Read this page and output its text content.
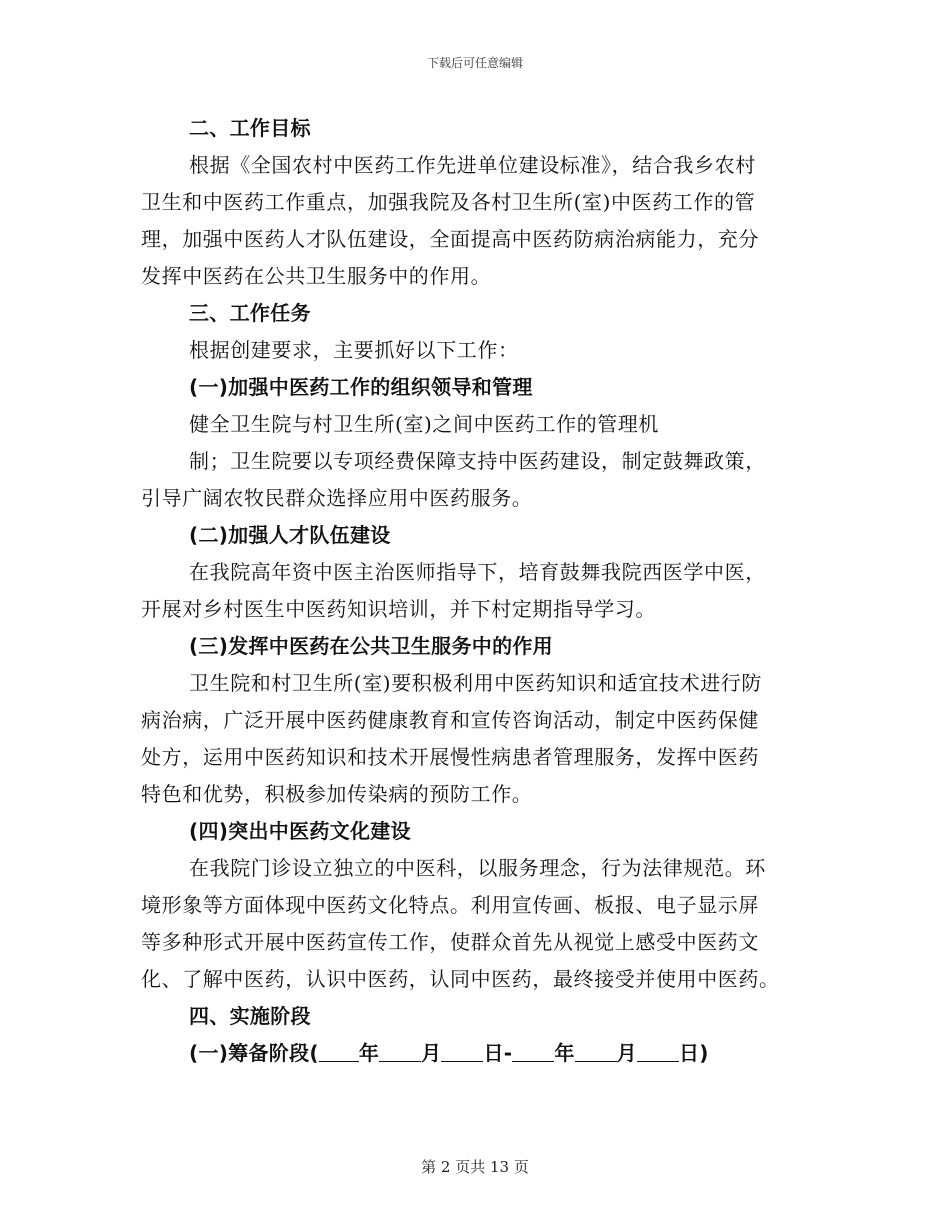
下载后可任意编辑
二、工作目标
根据《全国农村中医药工作先进单位建设标准》，结合我乡农村
卫生和中医药工作重点，加强我院及各村卫生所(室)中医药工作的管
理，加强中医药人才队伍建设，全面提高中医药防病治病能力，充分
发挥中医药在公共卫生服务中的作用。
三、工作任务
根据创建要求，主要抓好以下工作：
(一)加强中医药工作的组织领导和管理
健全卫生院与村卫生所(室)之间中医药工作的管理机
制；卫生院要以专项经费保障支持中医药建设，制定鼓舞政策，
引导广阔农牧民群众选择应用中医药服务。
(二)加强人才队伍建设
在我院高年资中医主治医师指导下，培育鼓舞我院西医学中医，
开展对乡村医生中医药知识培训，并下村定期指导学习。
(三)发挥中医药在公共卫生服务中的作用
卫生院和村卫生所(室)要积极利用中医药知识和适宜技术进行防
病治病，广泛开展中医药健康教育和宣传咨询活动，制定中医药保健
处方，运用中医药知识和技术开展慢性病患者管理服务，发挥中医药
特色和优势，积极参加传染病的预防工作。
(四)突出中医药文化建设
在我院门诊设立独立的中医科，以服务理念，行为法律规范。环
境形象等方面体现中医药文化特点。利用宣传画、板报、电子显示屏
等多种形式开展中医药宣传工作，使群众首先从视觉上感受中医药文
化、了解中医药，认识中医药，认同中医药，最终接受并使用中医药。
四、实施阶段
(一)筹备阶段( 年 月 日- 年 月 日)
第 2 页共 13 页
